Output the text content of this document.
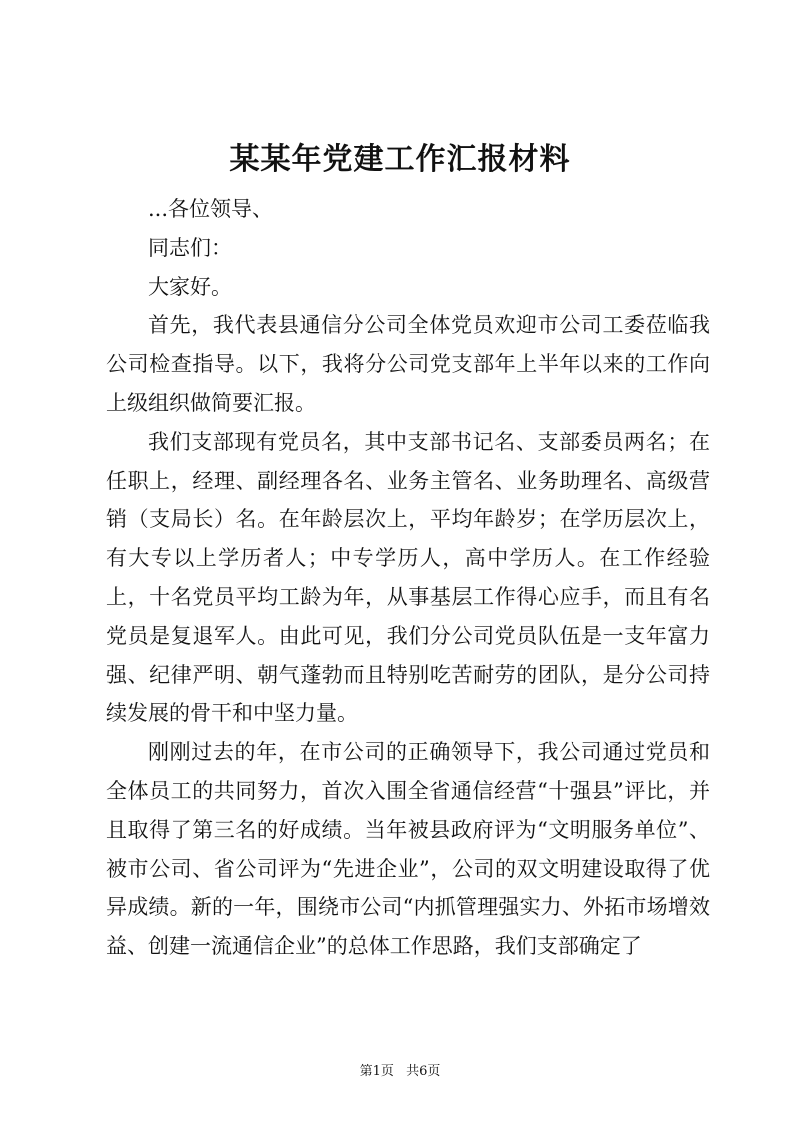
某某年党建工作汇报材料

...各位领导、

同志们：

大家好。

首先，我代表县通信分公司全体党员欢迎市公司工委莅临我公司检查指导。以下，我将分公司党支部年上半年以来的工作向上级组织做简要汇报。

我们支部现有党员名，其中支部书记名、支部委员两名；在任职上，经理、副经理各名、业务主管名、业务助理名、高级营销（支局长）名。在年龄层次上，平均年龄岁；在学历层次上，有大专以上学历者人；中专学历人，高中学历人。在工作经验上，十名党员平均工龄为年，从事基层工作得心应手，而且有名党员是复退军人。由此可见，我们分公司党员队伍是一支年富力强、纪律严明、朝气蓬勃而且特别吃苦耐劳的团队，是分公司持续发展的骨干和中坚力量。

刚刚过去的年，在市公司的正确领导下，我公司通过党员和全体员工的共同努力，首次入围全省通信经营“十强县”评比，并且取得了第三名的好成绩。当年被县政府评为“文明服务单位”、被市公司、省公司评为“先进企业”，公司的双文明建设取得了优异成绩。新的一年，围绕市公司“内抓管理强实力、外拓市场增效益、创建一流通信企业”的总体工作思路，我们支部确定了

第1页 共6页
